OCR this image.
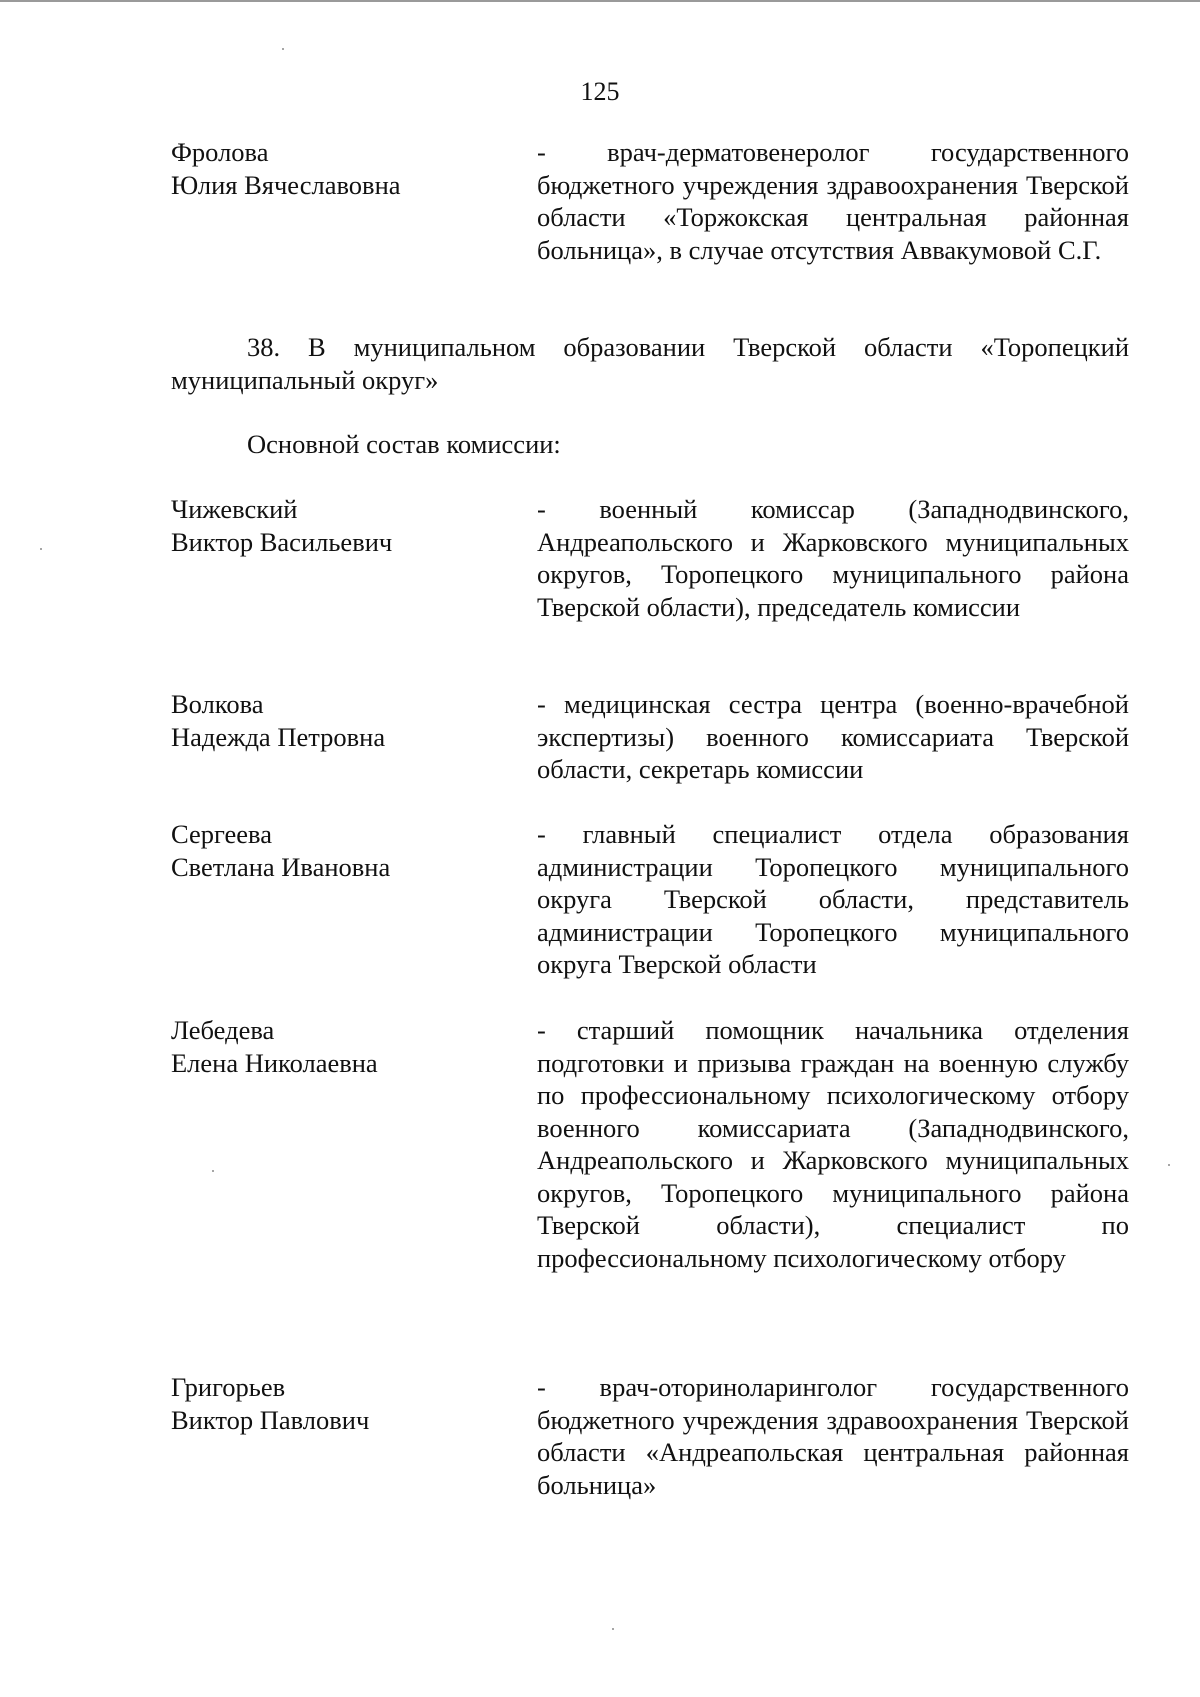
125
Фролова
Юлия Вячеславовна
- врач-дерматовенеролог государственного бюджетного учреждения здравоохранения Тверской области «Торжокская центральная районная больница», в случае отсутствия Аввакумовой С.Г.
38. В муниципальном образовании Тверской области «Торопецкий муниципальный округ»
Основной состав комиссии:
Чижевский
Виктор Васильевич
- военный комиссар (Западнодвинского, Андреапольского и Жарковского муниципальных округов, Торопецкого муниципального района Тверской области), председатель комиссии
Волкова
Надежда Петровна
- медицинская сестра центра (военно-врачебной экспертизы) военного комиссариата Тверской области, секретарь комиссии
Сергеева
Светлана Ивановна
- главный специалист отдела образования администрации Торопецкого муниципального округа Тверской области, представитель администрации Торопецкого муниципального округа Тверской области
Лебедева
Елена Николаевна
- старший помощник начальника отделения подготовки и призыва граждан на военную службу по профессиональному психологическому отбору военного комиссариата (Западнодвинского, Андреапольского и Жарковского муниципальных округов, Торопецкого муниципального района Тверской области), специалист по профессиональному психологическому отбору
Григорьев
Виктор Павлович
- врач-оториноларинголог государственного бюджетного учреждения здравоохранения Тверской области «Андреапольская центральная районная больница»
